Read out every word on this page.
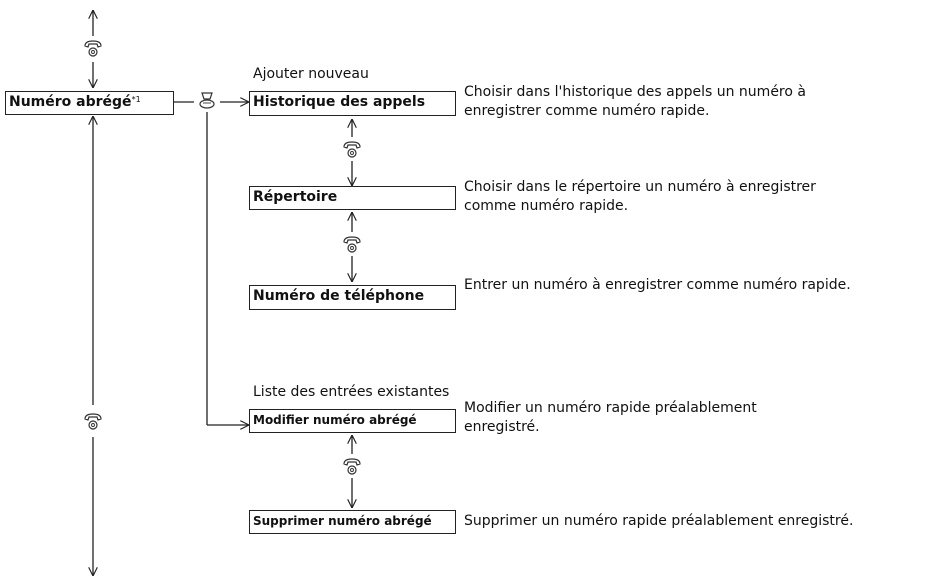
Numéro abrégé$^{*1}$
Ajouter nouveau
Liste des entrées existantes
Historique des appels
Répertoire
Numéro de téléphone
Modifier numéro abrégé
Supprimer numéro abrégé
Choisir dans l'historique des appels un numéro à
enregistrer comme numéro rapide.
Choisir dans le répertoire un numéro à enregistrer
comme numéro rapide.
Entrer un numéro à enregistrer comme numéro rapide.
Modifier un numéro rapide préalablement
enregistré.
Supprimer un numéro rapide préalablement enregistré.
